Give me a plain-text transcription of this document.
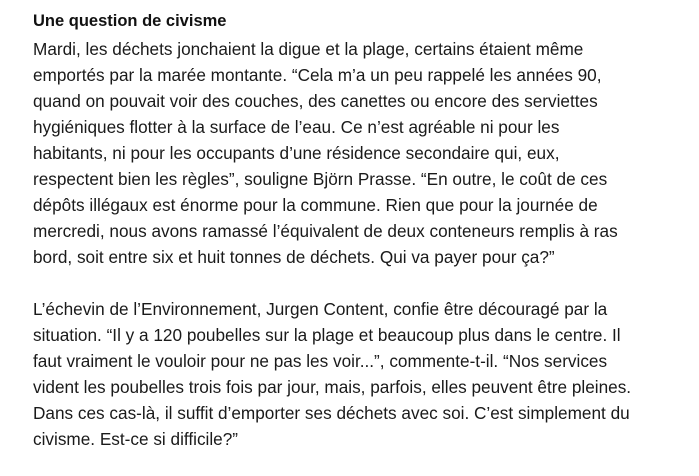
Une question de civisme

Mardi, les déchets jonchaient la digue et la plage, certains étaient même
emportés par la marée montante. “Cela m’a un peu rappelé les années 90,
quand on pouvait voir des couches, des canettes ou encore des serviettes
hygiéniques flotter à la surface de l’eau. Ce n’est agréable ni pour les
habitants, ni pour les occupants d’une résidence secondaire qui, eux,
respectent bien les règles”, souligne Björn Prasse. “En outre, le coût de ces
dépôts illégaux est énorme pour la commune. Rien que pour la journée de
mercredi, nous avons ramassé l’équivalent de deux conteneurs remplis à ras
bord, soit entre six et huit tonnes de déchets. Qui va payer pour ça?”

L’échevin de l’Environnement, Jurgen Content, confie être découragé par la
situation. “Il y a 120 poubelles sur la plage et beaucoup plus dans le centre. Il
faut vraiment le vouloir pour ne pas les voir...”, commente-t-il. “Nos services
vident les poubelles trois fois par jour, mais, parfois, elles peuvent être pleines.
Dans ces cas-là, il suffit d’emporter ses déchets avec soi. C’est simplement du
civisme. Est-ce si difficile?”
